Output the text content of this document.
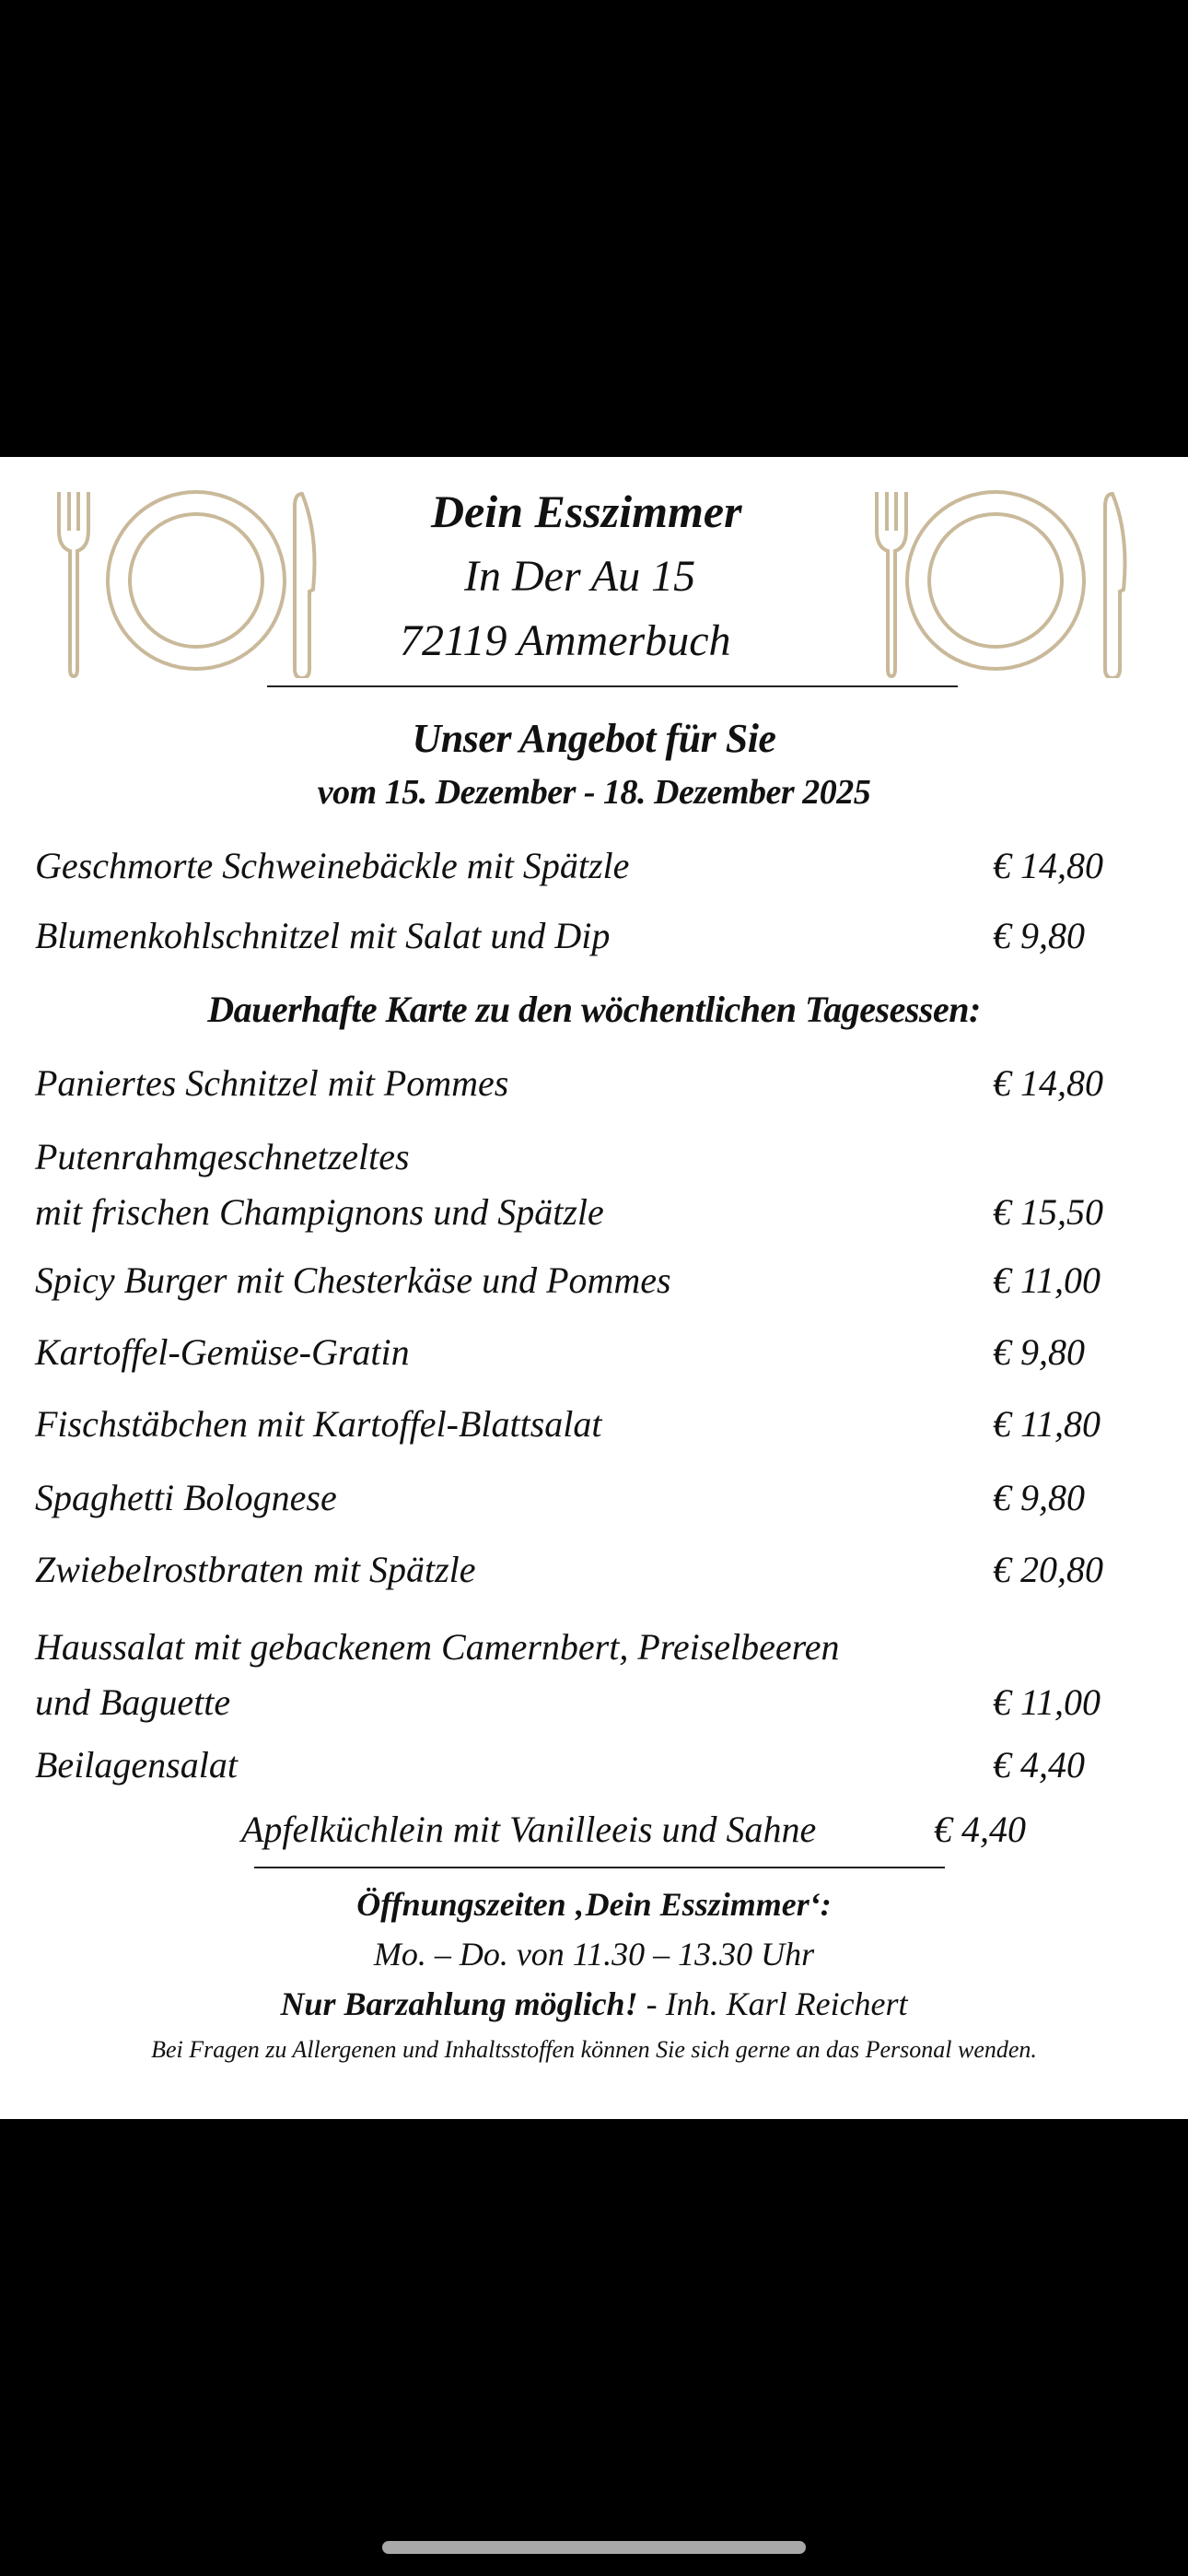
Dein Esszimmer
In Der Au 15
72119 Ammerbuch
Unser Angebot für Sie
vom 15. Dezember - 18. Dezember 2025
Geschmorte Schweinebäckle mit Spätzle	€ 14,80
Blumenkohlschnitzel mit Salat und Dip	€ 9,80
Dauerhafte Karte zu den wöchentlichen Tagesessen:
Paniertes Schnitzel mit Pommes	€ 14,80
Putenrahmgeschnetzeltes
mit frischen Champignons und Spätzle	€ 15,50
Spicy Burger mit Chesterkäse und Pommes	€ 11,00
Kartoffel-Gemüse-Gratin	€ 9,80
Fischstäbchen mit Kartoffel-Blattsalat	€ 11,80
Spaghetti Bolognese	€ 9,80
Zwiebelrostbraten mit Spätzle	€ 20,80
Haussalat mit gebackenem Camernbert, Preiselbeeren
und Baguette	€ 11,00
Beilagensalat	€ 4,40
Apfelküchlein mit Vanilleeis und Sahne	€ 4,40
Öffnungszeiten ‚Dein Esszimmer‘:
Mo. – Do. von 11.30 – 13.30 Uhr
Nur Barzahlung möglich! - Inh. Karl Reichert
Bei Fragen zu Allergenen und Inhaltsstoffen können Sie sich gerne an das Personal wenden.
